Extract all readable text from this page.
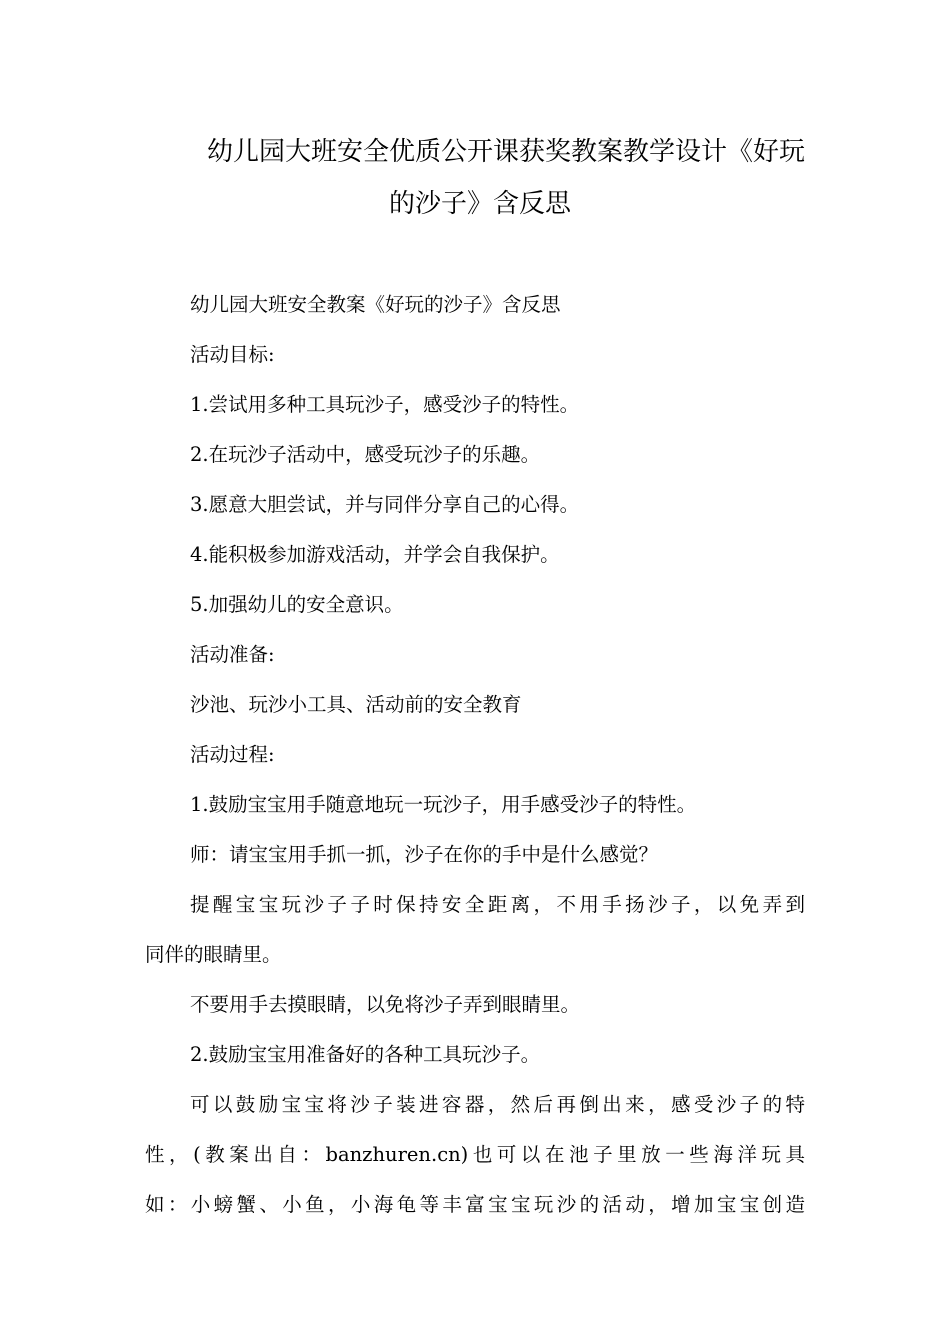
幼儿园大班安全优质公开课获奖教案教学设计《好玩
的沙子》含反思
幼儿园大班安全教案《好玩的沙子》含反思
活动目标:
1.尝试用多种工具玩沙子，感受沙子的特性。
2.在玩沙子活动中，感受玩沙子的乐趣。
3.愿意大胆尝试，并与同伴分享自己的心得。
4.能积极参加游戏活动，并学会自我保护。
5.加强幼儿的安全意识。
活动准备:
沙池、玩沙小工具、活动前的安全教育
活动过程:
1.鼓励宝宝用手随意地玩一玩沙子，用手感受沙子的特性。
师：请宝宝用手抓一抓，沙子在你的手中是什么感觉？
提醒宝宝玩沙子子时保持安全距离，不用手扬沙子，以免弄到
同伴的眼睛里。
不要用手去摸眼睛，以免将沙子弄到眼睛里。
2.鼓励宝宝用准备好的各种工具玩沙子。
可以鼓励宝宝将沙子装进容器，然后再倒出来，感受沙子的特
性，(教案出自：banzhuren.cn)也可以在池子里放一些海洋玩具
如：小螃蟹、小鱼，小海龟等丰富宝宝玩沙的活动，增加宝宝创造
